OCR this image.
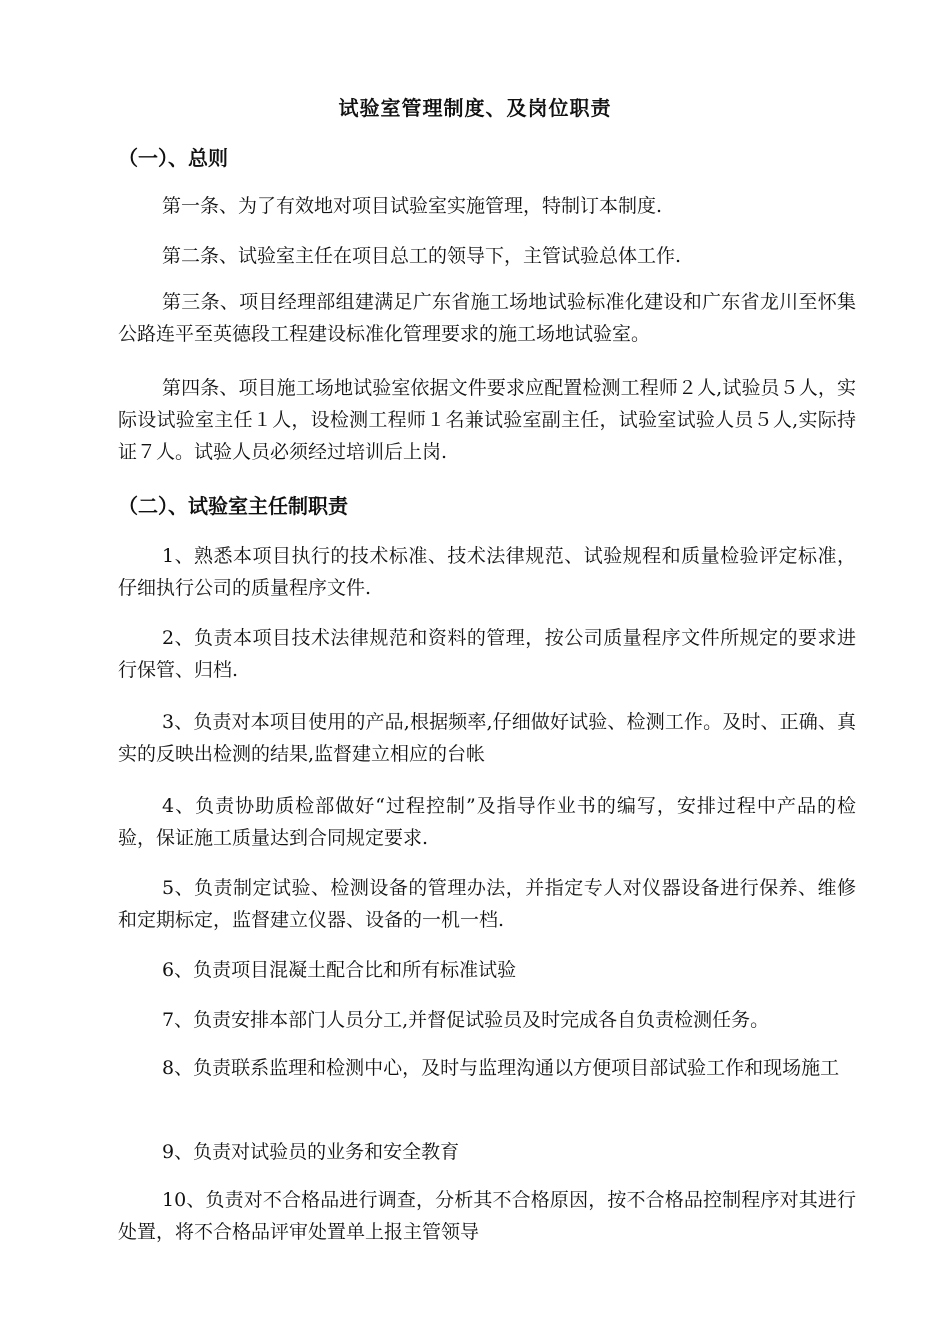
试验室管理制度、及岗位职责
（一）、总则

第一条、为了有效地对项目试验室实施管理，特制订本制度.

第二条、试验室主任在项目总工的领导下，主管试验总体工作.

第三条、项目经理部组建满足广东省施工场地试验标准化建设和广东省龙川至怀集公路连平至英德段工程建设标准化管理要求的施工场地试验室。

第四条、项目施工场地试验室依据文件要求应配置检测工程师２人,试验员５人，实际设试验室主任１人，设检测工程师１名兼试验室副主任，试验室试验人员５人,实际持证７人。试验人员必须经过培训后上岗.

（二）、试验室主任制职责

1、熟悉本项目执行的技术标准、技术法律规范、试验规程和质量检验评定标准，仔细执行公司的质量程序文件.

2、负责本项目技术法律规范和资料的管理，按公司质量程序文件所规定的要求进行保管、归档.

3、负责对本项目使用的产品,根据频率,仔细做好试验、检测工作。及时、正确、真实的反映出检测的结果,监督建立相应的台帐

4、负责协助质检部做好“过程控制”及指导作业书的编写，安排过程中产品的检验，保证施工质量达到合同规定要求.

5、负责制定试验、检测设备的管理办法，并指定专人对仪器设备进行保养、维修和定期标定，监督建立仪器、设备的一机一档.

6、负责项目混凝土配合比和所有标准试验

7、负责安排本部门人员分工,并督促试验员及时完成各自负责检测任务。

8、负责联系监理和检测中心，及时与监理沟通以方便项目部试验工作和现场施工

9、负责对试验员的业务和安全教育

10、负责对不合格品进行调查，分析其不合格原因，按不合格品控制程序对其进行处置，将不合格品评审处置单上报主管领导
